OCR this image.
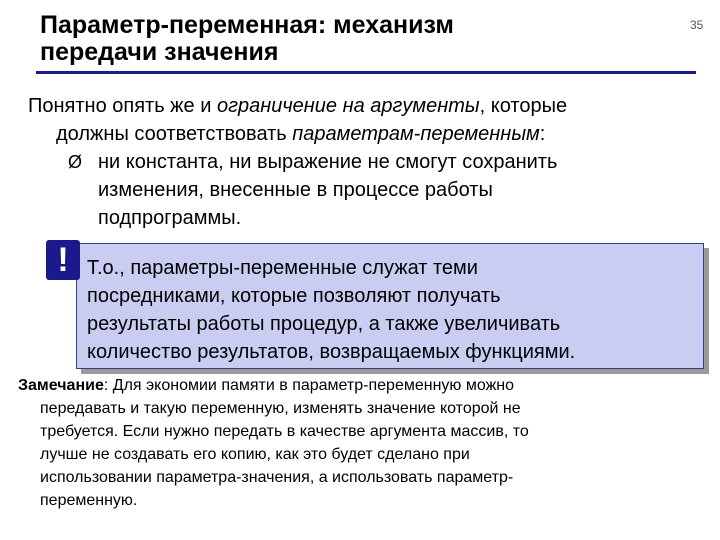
Параметр-переменная: механизм
передачи значения
35
Понятно опять же и ограничение на аргументы, которые
должны соответствовать параметрам-переменным:
Ø ни константа, ни выражение не смогут сохранить
изменения, внесенные в процессе работы
подпрограммы.
Т.о., параметры-переменные служат теми
посредниками, которые позволяют получать
результаты работы процедур, а также увеличивать
количество результатов, возвращаемых функциями.
!
Замечание: Для экономии памяти в параметр-переменную можно
передавать и такую переменную, изменять значение которой не
требуется. Если нужно передать в качестве аргумента массив, то
лучше не создавать его копию, как это будет сделано при
использовании параметра-значения, а использовать параметр-
переменную.
